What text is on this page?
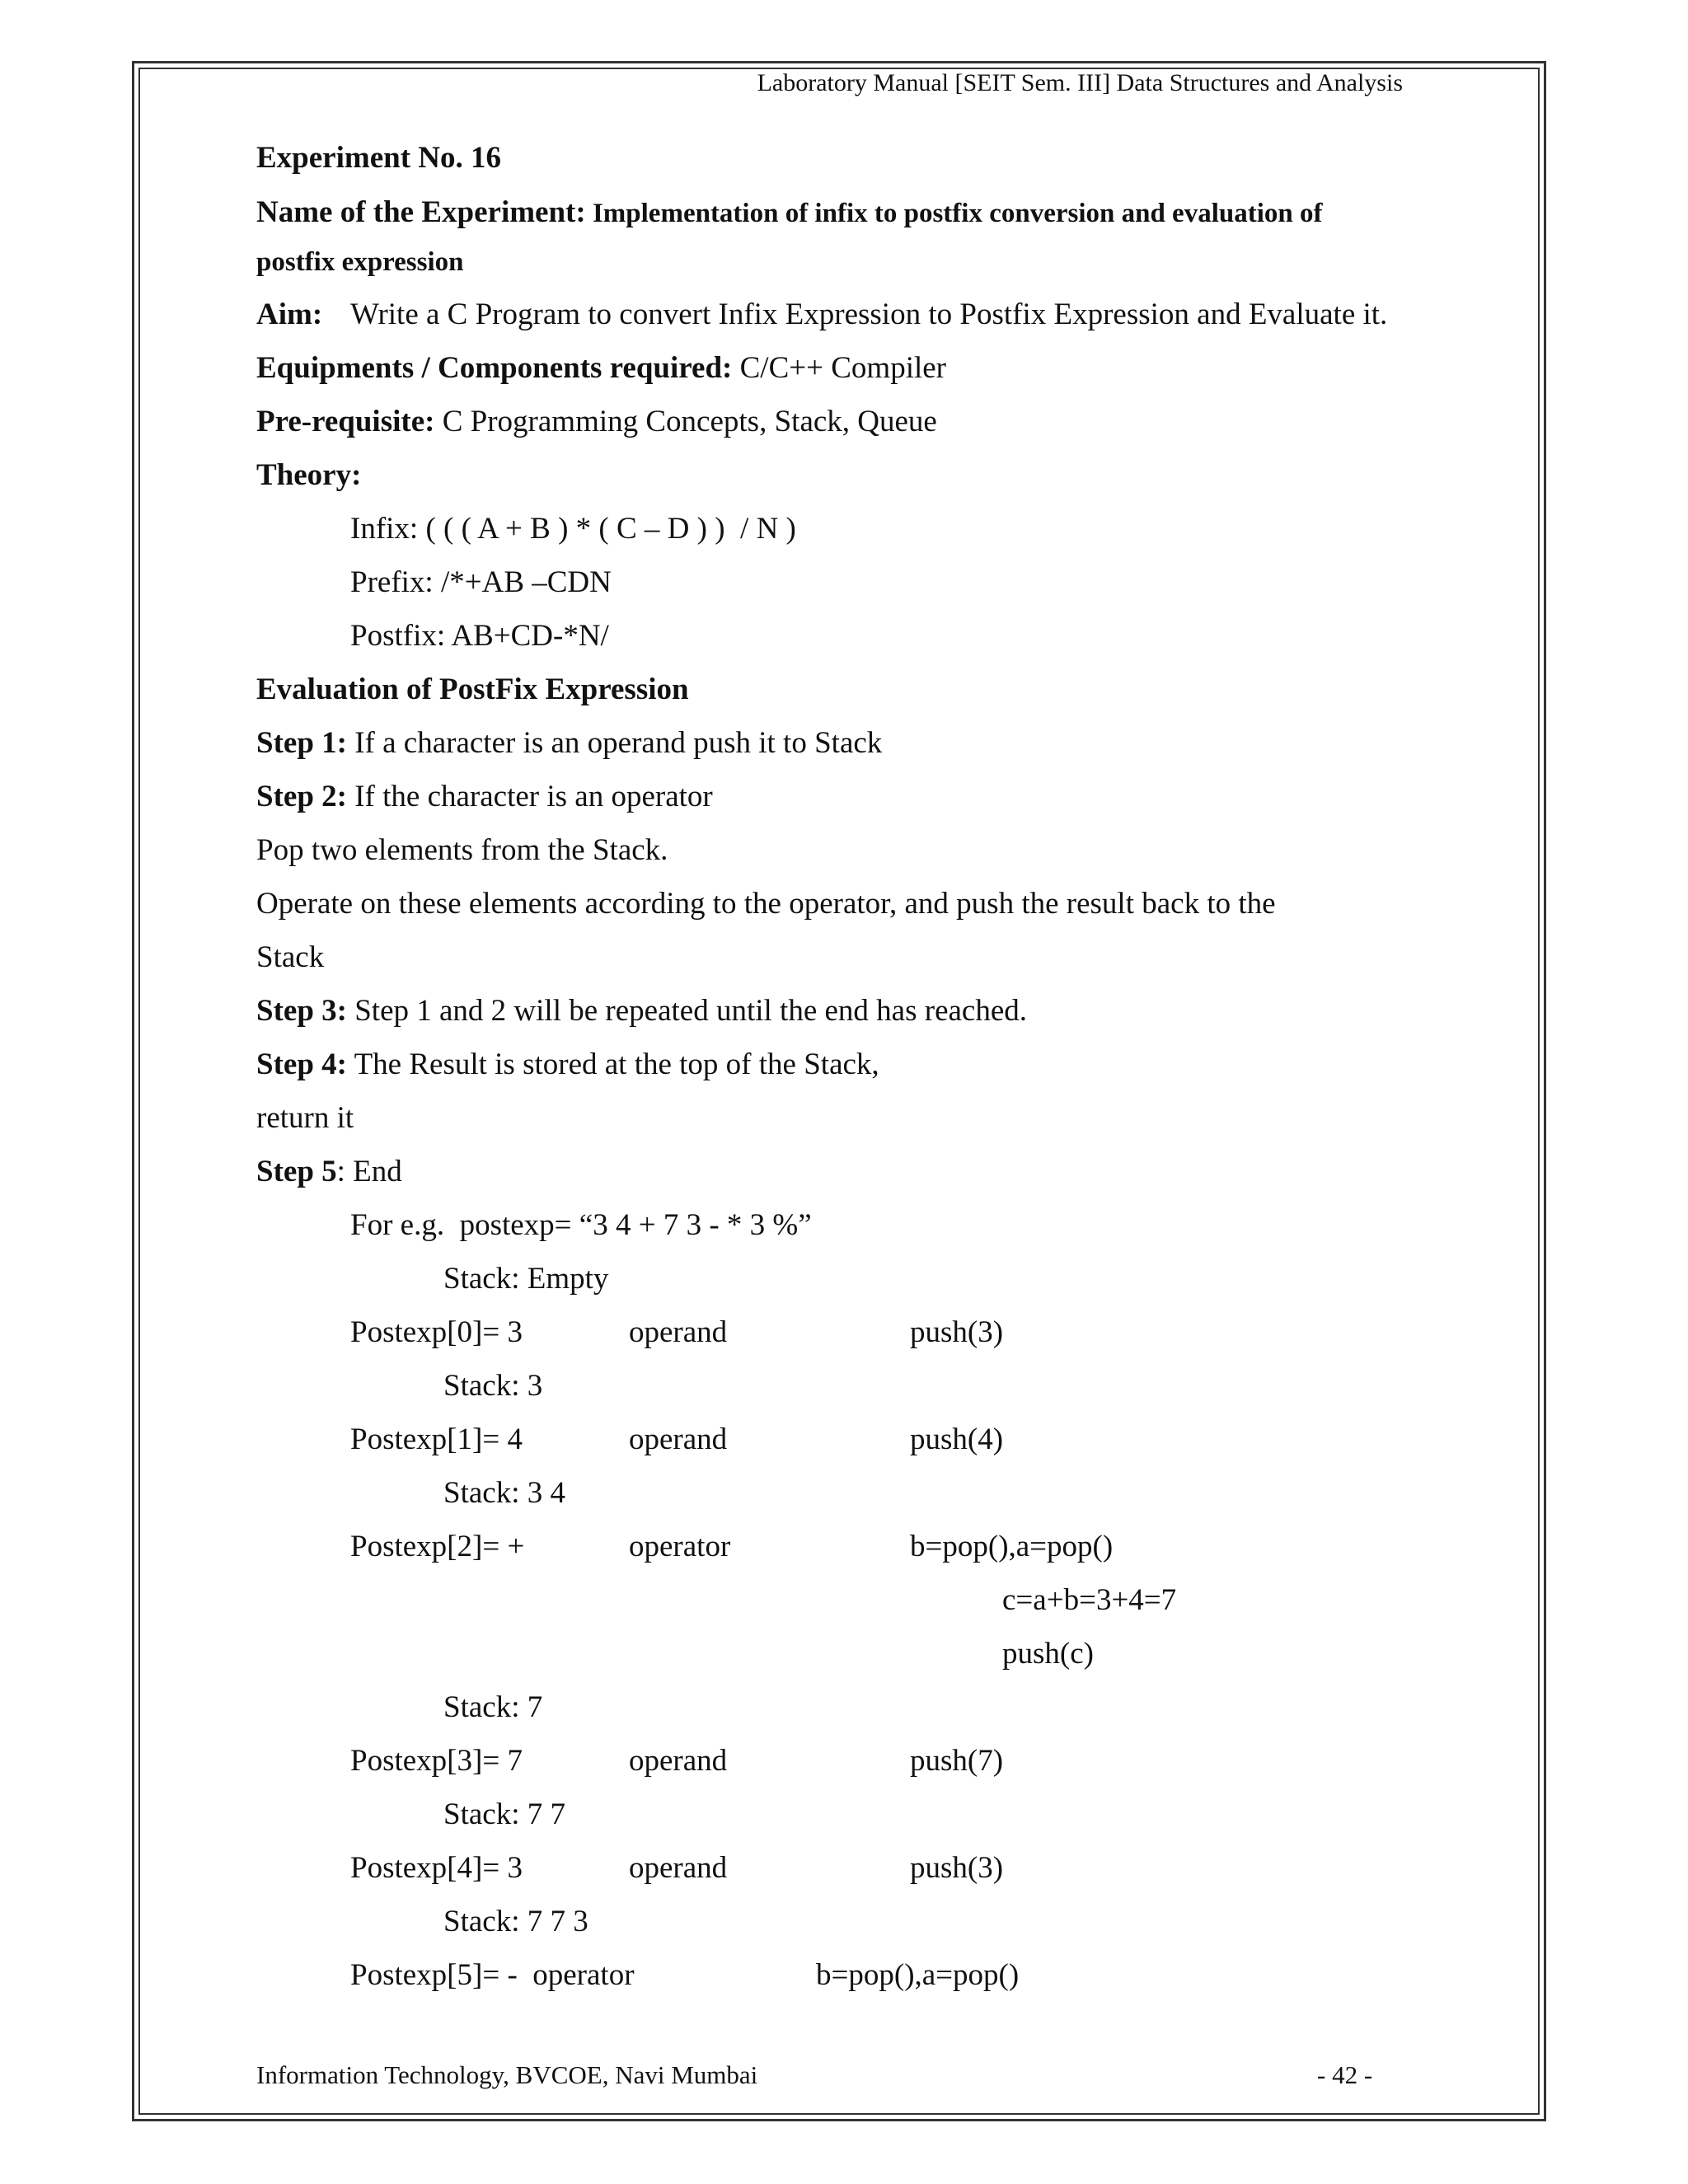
Laboratory Manual [SEIT Sem. III] Data Structures and Analysis
Experiment No. 16
Name of the Experiment: Implementation of infix to postfix conversion and evaluation of
postfix expression
Aim: Write a C Program to convert Infix Expression to Postfix Expression and Evaluate it.
Equipments / Components required: C/C++ Compiler
Pre-requisite: C Programming Concepts, Stack, Queue
Theory:
Infix: ( ( ( A + B ) * ( C – D ) )  / N )
Prefix: /*+AB –CDN
Postfix: AB+CD-*N/
Evaluation of PostFix Expression
Step 1: If a character is an operand push it to Stack
Step 2: If the character is an operator
Pop two elements from the Stack.
Operate on these elements according to the operator, and push the result back to the
Stack
Step 3: Step 1 and 2 will be repeated until the end has reached.
Step 4: The Result is stored at the top of the Stack,
return it
Step 5: End
For e.g.  postexp= “3 4 + 7 3 - * 3 %”
Stack: Empty
Postexp[0]= 3	operand	push(3)
Stack: 3
Postexp[1]= 4	operand	push(4)
Stack: 3 4
Postexp[2]= +	operator	b=pop(),a=pop()
c=a+b=3+4=7
push(c)
Stack: 7
Postexp[3]= 7	operand	push(7)
Stack: 7 7
Postexp[4]= 3	operand	push(3)
Stack: 7 7 3
Postexp[5]= -  operator	b=pop(),a=pop()
Information Technology, BVCOE, Navi Mumbai	- 42 -
